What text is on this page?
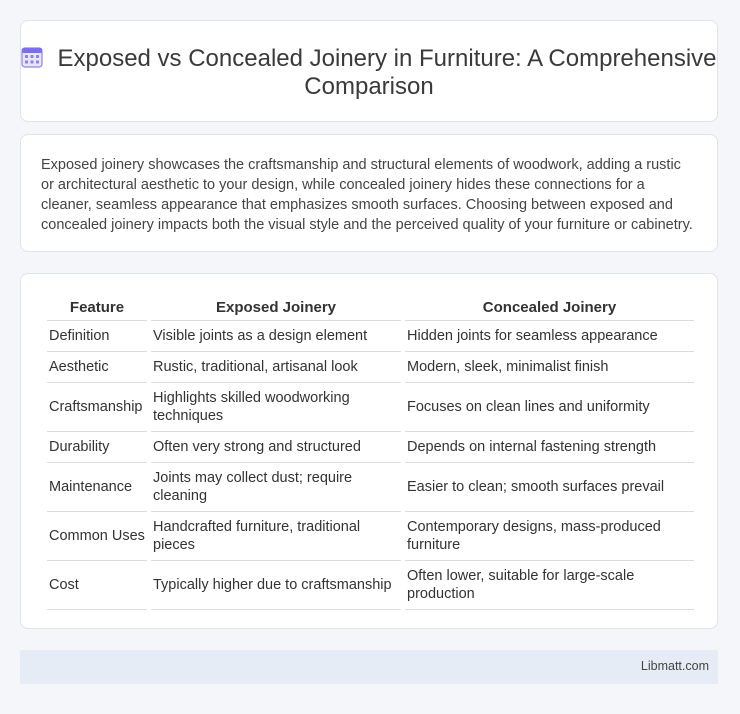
Exposed vs Concealed Joinery in Furniture: A Comprehensive Comparison

Exposed joinery showcases the craftsmanship and structural elements of woodwork, adding a rustic or architectural aesthetic to your design, while concealed joinery hides these connections for a cleaner, seamless appearance that emphasizes smooth surfaces. Choosing between exposed and concealed joinery impacts both the visual style and the perceived quality of your furniture or cabinetry.

Feature	Exposed Joinery	Concealed Joinery
Definition	Visible joints as a design element	Hidden joints for seamless appearance
Aesthetic	Rustic, traditional, artisanal look	Modern, sleek, minimalist finish
Craftsmanship	Highlights skilled woodworking techniques	Focuses on clean lines and uniformity
Durability	Often very strong and structured	Depends on internal fastening strength
Maintenance	Joints may collect dust; require cleaning	Easier to clean; smooth surfaces prevail
Common Uses	Handcrafted furniture, traditional pieces	Contemporary designs, mass-produced furniture
Cost	Typically higher due to craftsmanship	Often lower, suitable for large-scale production
Libmatt.com
